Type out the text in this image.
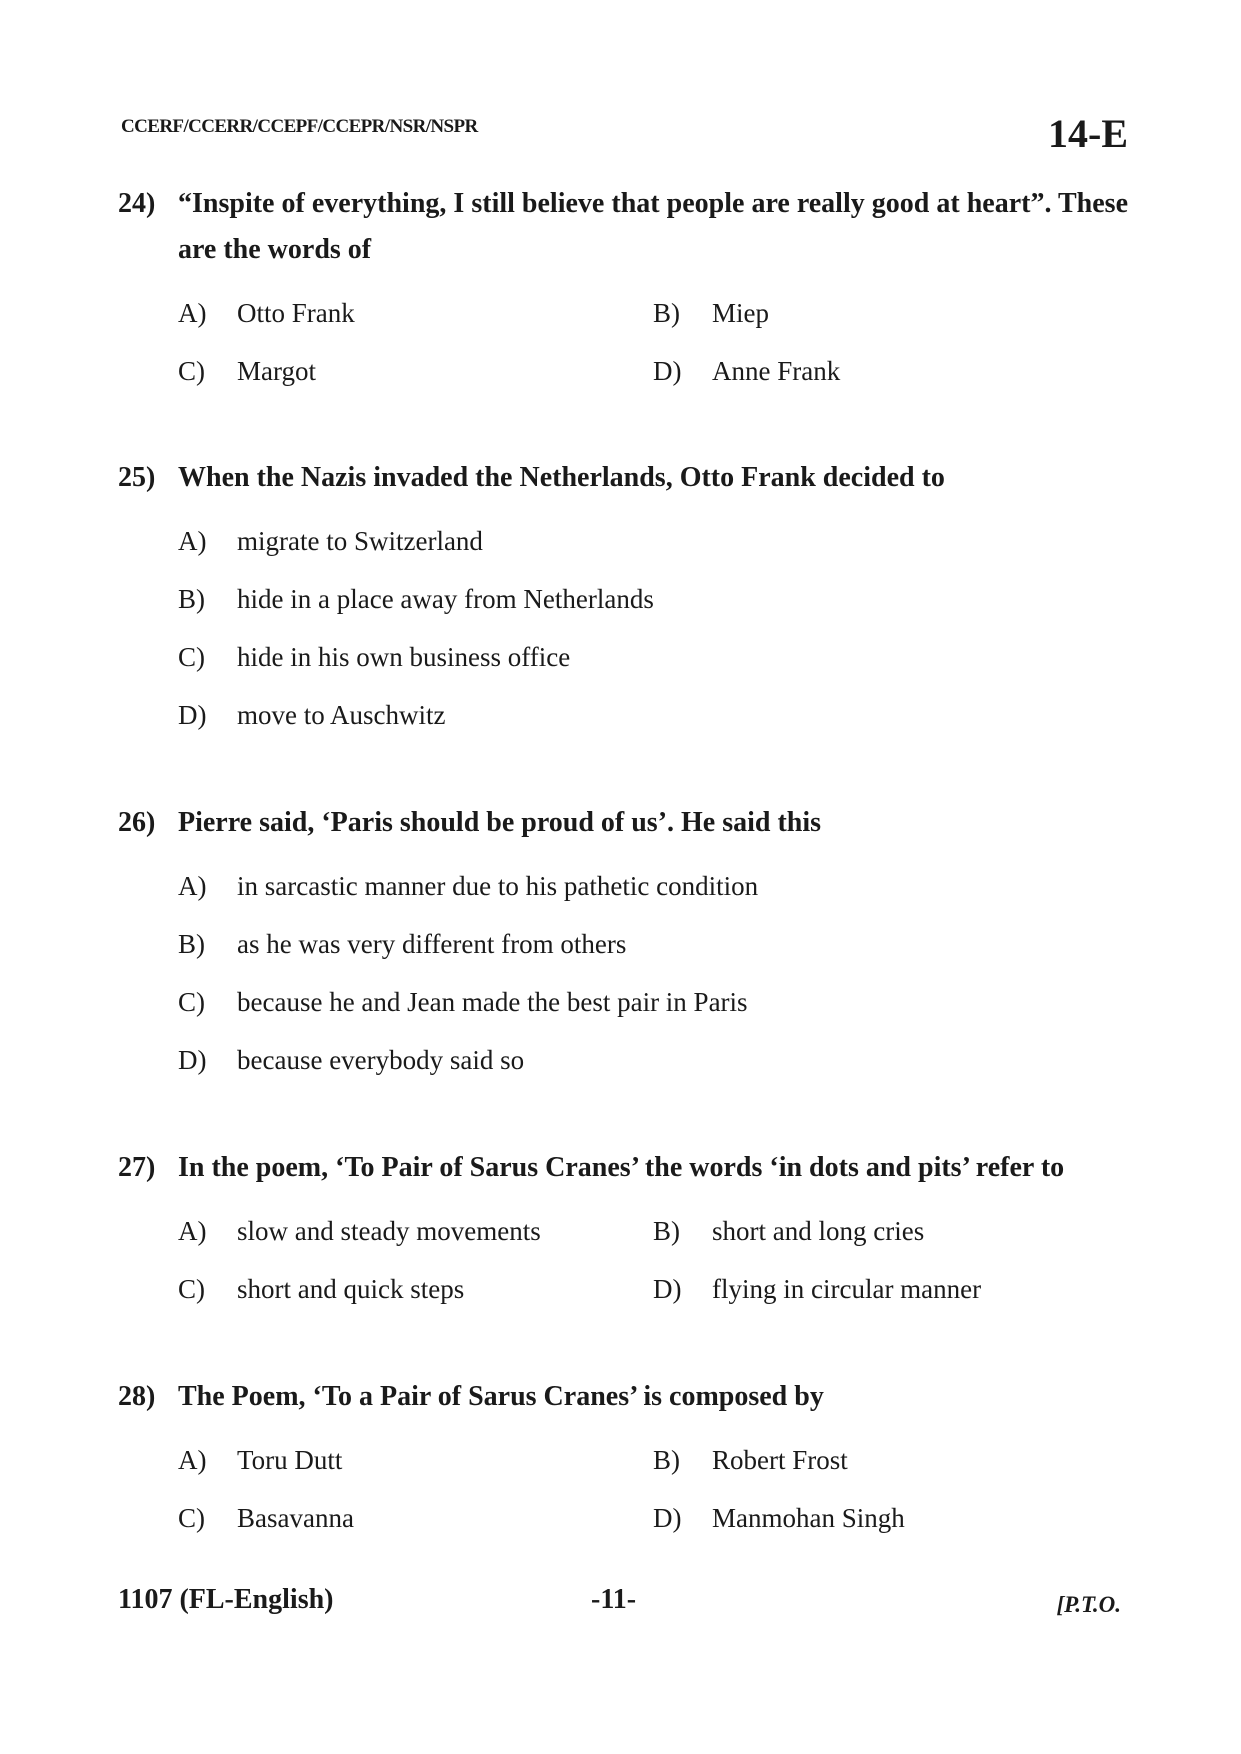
CCERF/CCERR/CCEPF/CCEPR/NSR/NSPR	14-E
24) “Inspite of everything, I still believe that people are really good at heart”. These are the words of
A)	Otto Frank	B)	Miep
C)	Margot	D)	Anne Frank
25) When the Nazis invaded the Netherlands, Otto Frank decided to
A)	migrate to Switzerland
B)	hide in a place away from Netherlands
C)	hide in his own business office
D)	move to Auschwitz
26) Pierre said, ‘Paris should be proud of us’. He said this
A)	in sarcastic manner due to his pathetic condition
B)	as he was very different from others
C)	because he and Jean made the best pair in Paris
D)	because everybody said so
27) In the poem, ‘To Pair of Sarus Cranes’ the words ‘in dots and pits’ refer to
A)	slow and steady movements	B)	short and long cries
C)	short and quick steps	D)	flying in circular manner
28) The Poem, ‘To a Pair of Sarus Cranes’ is composed by
A)	Toru Dutt	B)	Robert Frost
C)	Basavanna	D)	Manmohan Singh
1107 (FL-English)	-11-	[P.T.O.
